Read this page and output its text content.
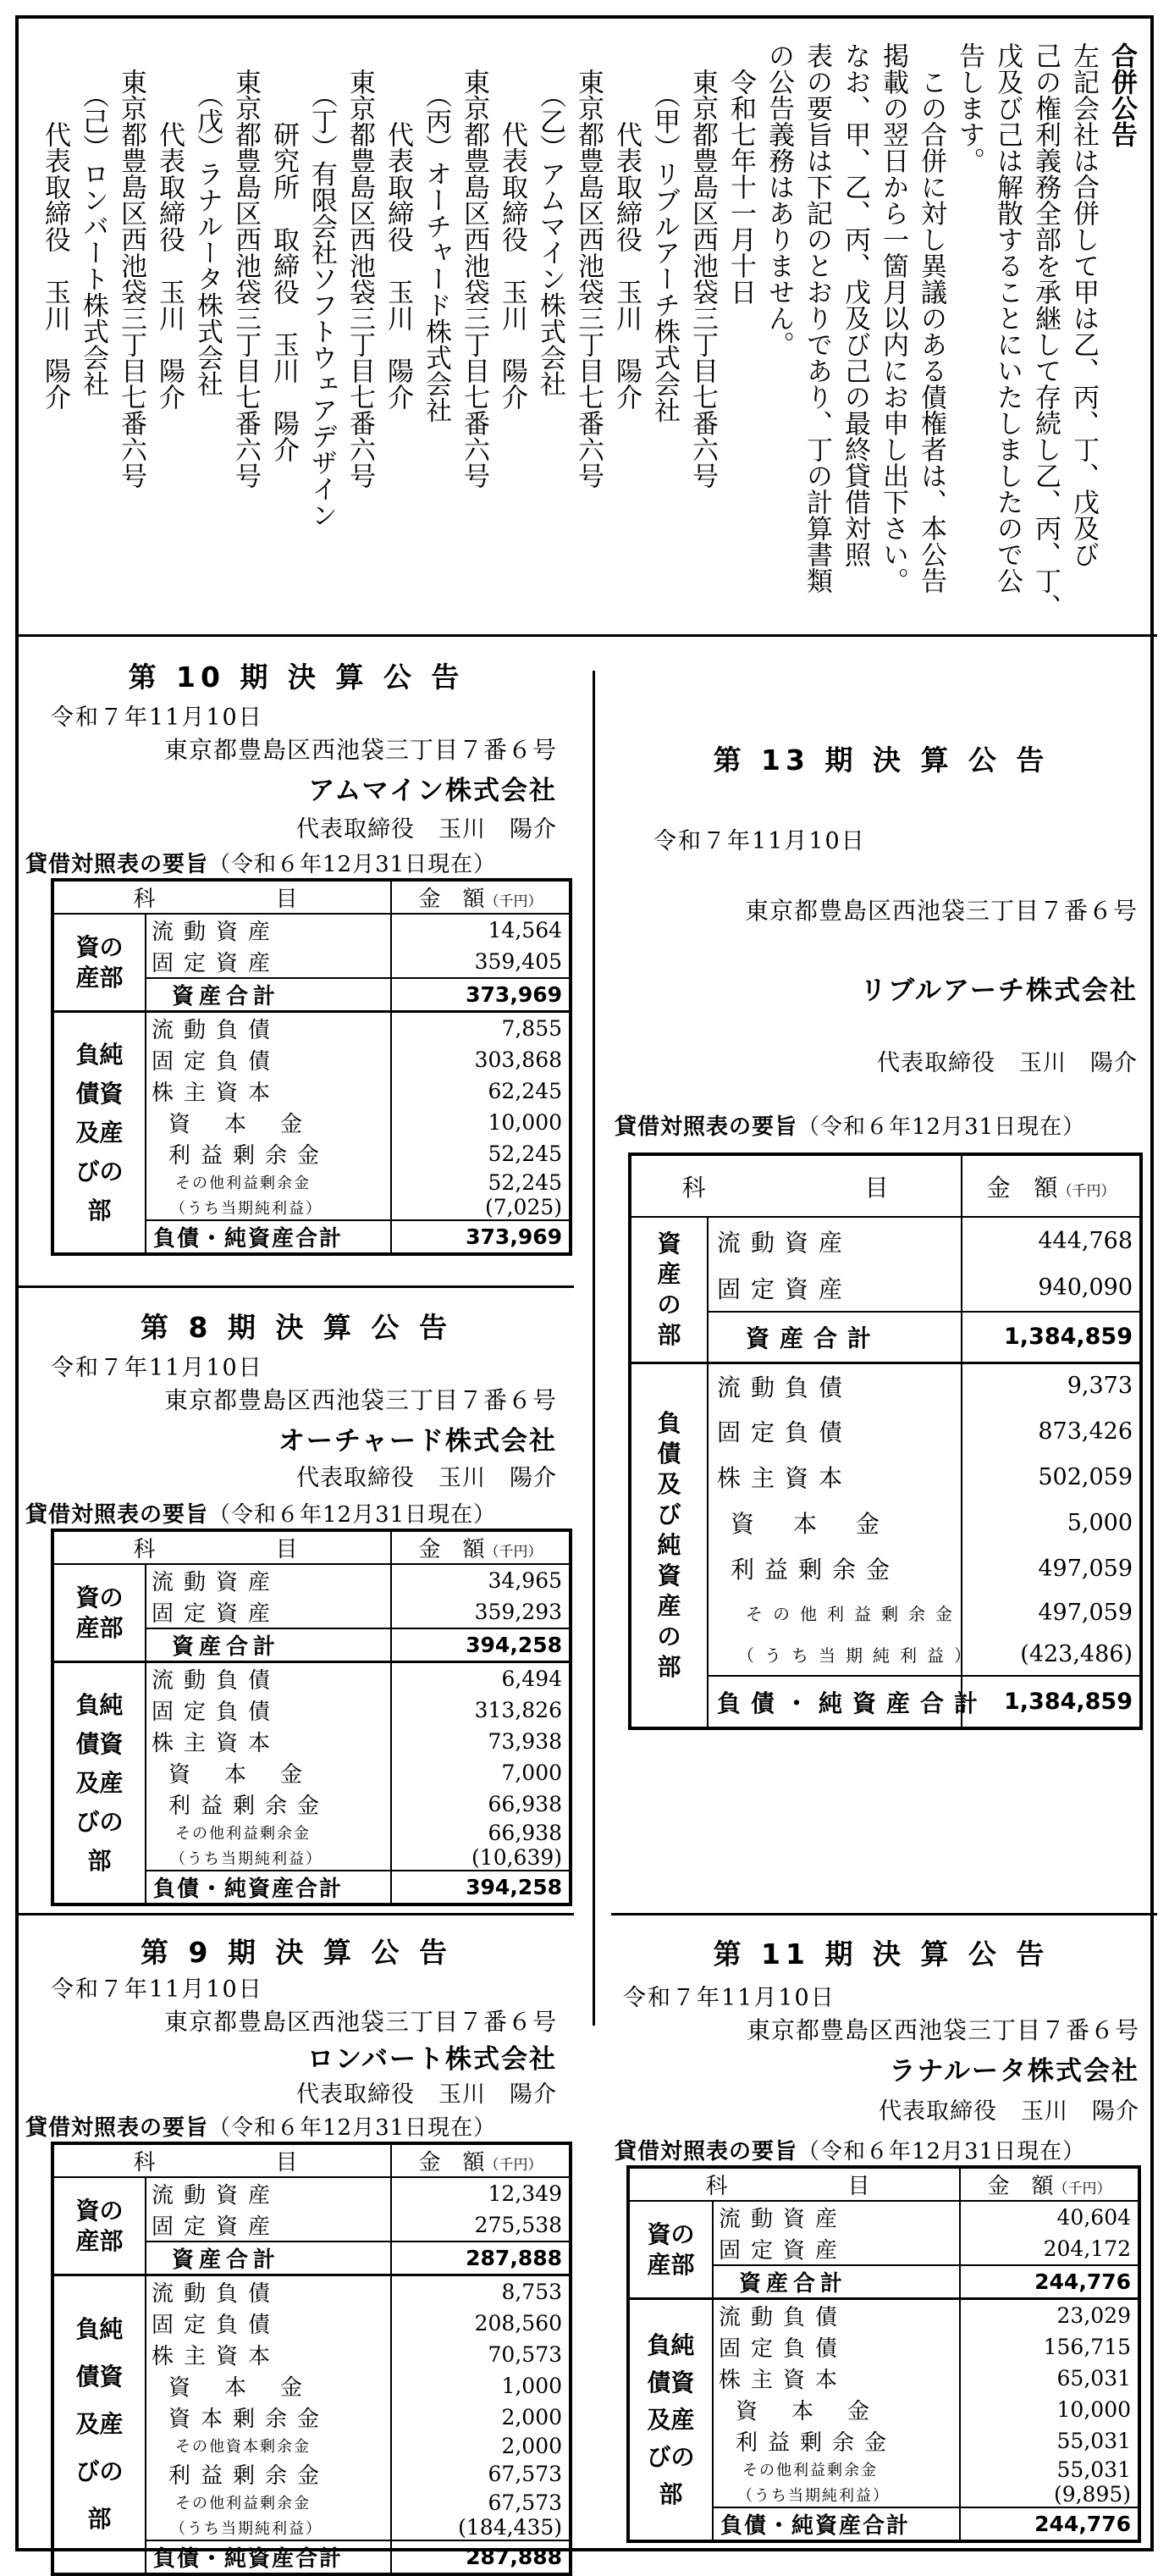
合併公告
左記会社は合併して甲は乙、丙、丁、戊及び
己の権利義務全部を承継して存続し乙、丙、丁、
戊及び己は解散することにいたしましたので公
告します。
　この合併に対し異議のある債権者は、本公告
掲載の翌日から一箇月以内にお申し出下さい。
なお、甲、乙、丙、戊及び己の最終貸借対照
表の要旨は下記のとおりであり、丁の計算書類
の公告義務はありません。
　令和七年十一月十日
　東京都豊島区西池袋三丁目七番六号
　　（甲）リブルアーチ株式会社
　　　代表取締役　玉川　陽介
　東京都豊島区西池袋三丁目七番六号
　　（乙）アムマイン株式会社
　　　代表取締役　玉川　陽介
　東京都豊島区西池袋三丁目七番六号
　　（丙）オーチャード株式会社
　　　代表取締役　玉川　陽介
　東京都豊島区西池袋三丁目七番六号
　　（丁）有限会社ソフトウェアデザイン
　　　研究所　取締役　玉川　陽介
　東京都豊島区西池袋三丁目七番六号
　　（戊）ラナルータ株式会社
　　　代表取締役　玉川　陽介
　東京都豊島区西池袋三丁目七番六号
　　（己）ロンバート株式会社
　　　代表取締役　玉川　陽介
第 10 期 決 算 公 告
令和７年11月10日
東京都豊島区西池袋三丁目７番６号
アムマイン株式会社
代表取締役　玉川　陽介
貸借対照表の要旨（令和６年12月31日現在）
科　　　目		金　額（千円）

資の産部	流動資産	14,564
	固定資産	359,405
	資産合計	373,969

負純債資及産びの部	流動負債	7,855
	固定負債	303,868
	株主資本	62,245
	資本金	10,000
	利益剰余金	52,245
	その他利益剰余金	52,245
	（うち当期純利益）	(7,025)
	負債・純資産合計	373,969
第 8 期 決 算 公 告
令和７年11月10日
東京都豊島区西池袋三丁目７番６号
オーチャード株式会社
代表取締役　玉川　陽介
貸借対照表の要旨（令和６年12月31日現在）
科　　　目		金　額（千円）

資の産部	流動資産	34,965
	固定資産	359,293
	資産合計	394,258

負純債資及産びの部	流動負債	6,494
	固定負債	313,826
	株主資本	73,938
	資本金	7,000
	利益剰余金	66,938
	その他利益剰余金	66,938
	（うち当期純利益）	(10,639)
	負債・純資産合計	394,258
第 9 期 決 算 公 告
令和７年11月10日
東京都豊島区西池袋三丁目７番６号
ロンバート株式会社
代表取締役　玉川　陽介
貸借対照表の要旨（令和６年12月31日現在）
科　　　目		金　額（千円）

資の産部	流動資産	12,349
	固定資産	275,538
	資産合計	287,888

負純債資及産びの部	流動負債	8,753
	固定負債	208,560
	株主資本	70,573
	資本金	1,000
	資本剰余金	2,000
	その他資本剰余金	2,000
	利益剰余金	67,573
	その他利益剰余金	67,573
	（うち当期純利益）	(184,435)
	負債・純資産合計	287,888
第 13 期 決 算 公 告
令和７年11月10日
東京都豊島区西池袋三丁目７番６号
リブルアーチ株式会社
代表取締役　玉川　陽介
貸借対照表の要旨（令和６年12月31日現在）
科　　　目		金　額（千円）

資産の部	流動資産	444,768
	固定資産	940,090
	資産合計	1,384,859

負債及び純資産の部	流動負債	9,373
	固定負債	873,426
	株主資本	502,059
	資本金	5,000
	利益剰余金	497,059
	その他利益剰余金	497,059
	（うち当期純利益）	(423,486)
	負債・純資産合計	1,384,859
第 11 期 決 算 公 告
令和７年11月10日
東京都豊島区西池袋三丁目７番６号
ラナルータ株式会社
代表取締役　玉川　陽介
貸借対照表の要旨（令和６年12月31日現在）
科　　　目		金　額（千円）

資の産部	流動資産	40,604
	固定資産	204,172
	資産合計	244,776

負純債資及産びの部	流動負債	23,029
	固定負債	156,715
	株主資本	65,031
	資本金	10,000
	利益剰余金	55,031
	その他利益剰余金	55,031
	（うち当期純利益）	(9,895)
	負債・純資産合計	244,776
